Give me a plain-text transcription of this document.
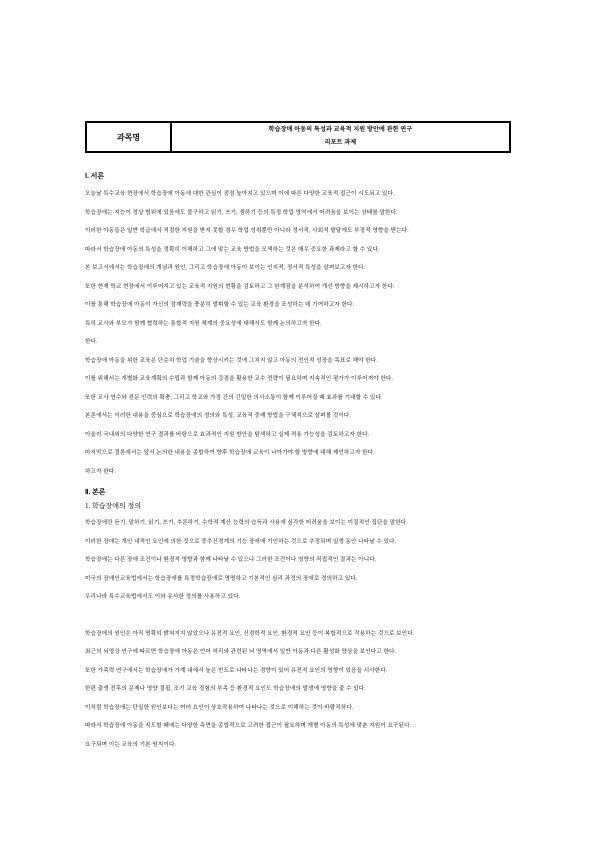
과목명
학습장애 아동의 특성과 교육적 지원 방안에 관한 연구
리포트 과제
Ⅰ. 서론
오늘날 특수교육 현장에서 학습장애 아동에 대한 관심이 점점 높아지고 있으며 이에 따른 다양한 교육적 접근이 시도되고 있다.
학습장애는 지능이 정상 범위에 있음에도 불구하고 읽기, 쓰기, 셈하기 등의 특정 학업 영역에서 어려움을 보이는 상태를 말한다.
이러한 아동들은 일반 학급에서 적절한 지원을 받지 못할 경우 학업 성취뿐만 아니라 정서적, 사회적 발달에도 부정적 영향을 받는다.
따라서 학습장애 아동의 특성을 정확히 이해하고 그에 맞는 교육 방법을 모색하는 것은 매우 중요한 과제라고 할 수 있다.
본 보고서에서는 학습장애의 개념과 원인, 그리고 학습장애 아동이 보이는 인지적, 정서적 특성을 살펴보고자 한다.
또한 현재 학교 현장에서 이루어지고 있는 교육적 지원의 현황을 검토하고 그 한계점을 분석하여 개선 방향을 제시하고자 한다.
이를 통해 학습장애 아동이 자신의 잠재력을 충분히 발휘할 수 있는 교육 환경을 조성하는 데 기여하고자 한다.
특히 교사와 부모가 함께 협력하는 통합적 지원 체계의 중요성에 대해서도 함께 논의하고자 한다.
한다.
학습장애 아동을 위한 교육은 단순히 학업 기술을 향상시키는 것에 그치지 않고 아동의 전인적 성장을 목표로 해야 한다.
이를 위해서는 개별화 교육계획의 수립과 함께 아동의 강점을 활용한 교수 전략이 필요하며 지속적인 평가가 이루어져야 한다.
또한 교사 연수와 전문 인력의 확충, 그리고 학교와 가정 간의 긴밀한 의사소통이 함께 이루어질 때 효과를 기대할 수 있다.
본론에서는 이러한 내용을 중심으로 학습장애의 정의와 특성, 교육적 중재 방법을 구체적으로 살펴볼 것이다.
아울러 국내외의 다양한 연구 결과를 바탕으로 효과적인 지원 방안을 탐색하고 실제 적용 가능성을 검토하고자 한다.
마지막으로 결론에서는 앞서 논의한 내용을 종합하여 향후 학습장애 교육이 나아가야 할 방향에 대해 제언하고자 한다.
하고자 한다.
Ⅱ. 본론
1. 학습장애의 정의
학습장애란 듣기, 말하기, 읽기, 쓰기, 추론하기, 수학적 계산 능력의 습득과 사용에 심각한 어려움을 보이는 이질적인 집단을 말한다.
이러한 장애는 개인 내적인 요인에 의한 것으로 중추신경계의 기능 장애에 기인하는 것으로 추정되며 일생 동안 나타날 수 있다.
학습장애는 다른 장애 조건이나 환경적 영향과 함께 나타날 수 있으나 그러한 조건이나 영향의 직접적인 결과는 아니다.
미국의 장애인교육법에서는 학습장애를 특정학습장애로 명명하고 기본적인 심리 과정의 장애로 정의하고 있다.
우리나라 특수교육법에서도 이와 유사한 정의를 사용하고 있다.
학습장애의 원인은 아직 명확히 밝혀지지 않았으나 유전적 요인, 신경학적 요인, 환경적 요인 등이 복합적으로 작용하는 것으로 보인다.
최근의 뇌영상 연구에 따르면 학습장애 아동은 언어 처리와 관련된 뇌 영역에서 일반 아동과 다른 활성화 양상을 보인다고 한다.
또한 가족력 연구에서는 학습장애가 가계 내에서 높은 빈도로 나타나는 경향이 있어 유전적 요인의 영향이 있음을 시사한다.
한편 출생 전후의 문제나 영양 결핍, 조기 교육 경험의 부족 등 환경적 요인도 학습장애의 발생에 영향을 줄 수 있다.
이처럼 학습장애는 단일한 원인보다는 여러 요인이 상호작용하여 나타나는 것으로 이해하는 것이 바람직하다.
따라서 학습장애 아동을 지도할 때에는 다양한 측면을 종합적으로 고려한 접근이 필요하며 개별 아동의 특성에 맞춘 지원이 요구된다.
요구되며 이는 교육의 기본 원칙이다.
